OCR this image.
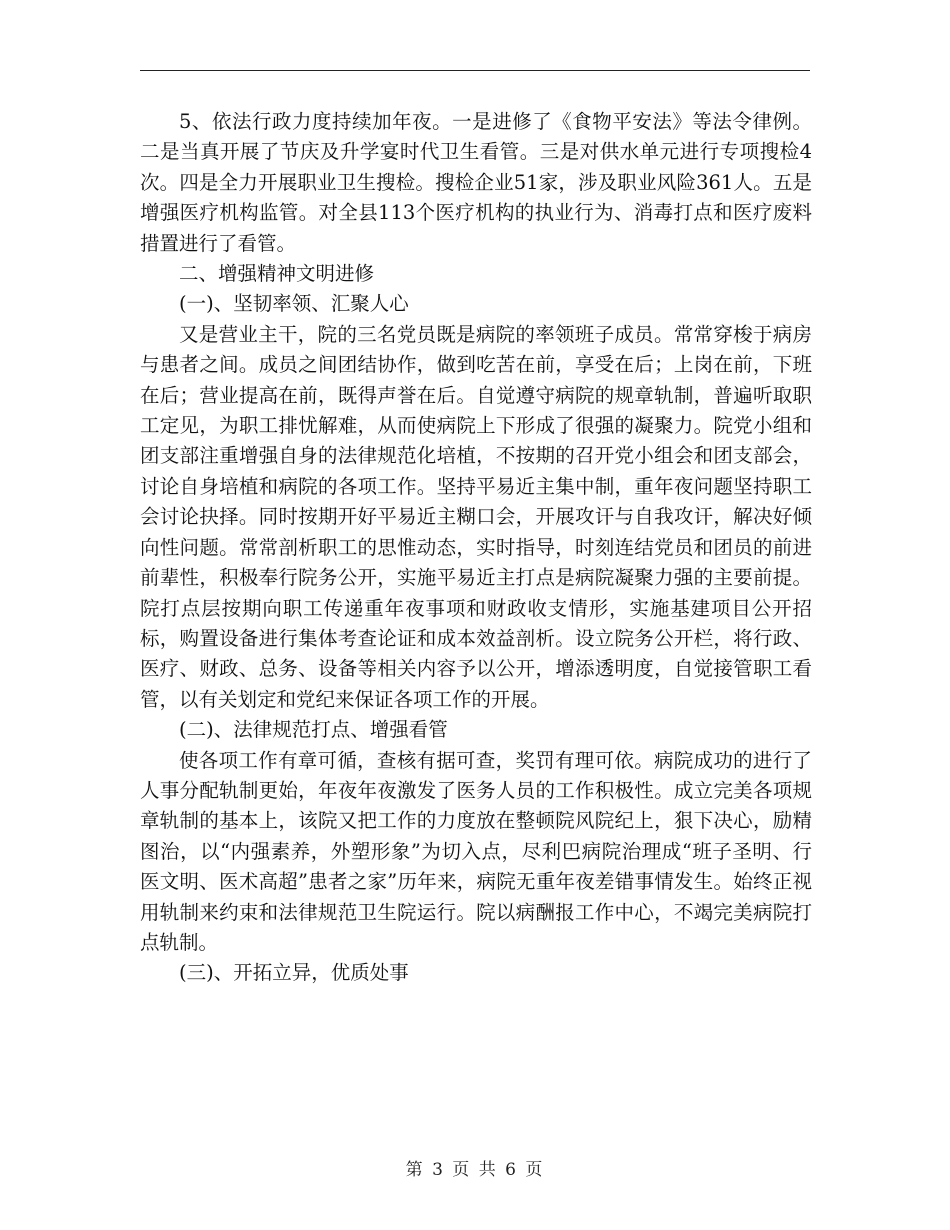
5、依法行政力度持续加年夜。一是进修了《食物平安法》等法令律例。二是当真开展了节庆及升学宴时代卫生看管。三是对供水单元进行专项搜检4次。四是全力开展职业卫生搜检。搜检企业51家，涉及职业风险361人。五是增强医疗机构监管。对全县113个医疗机构的执业行为、消毒打点和医疗废料措置进行了看管。

二、增强精神文明进修

(一)、坚韧率领、汇聚人心

又是营业主干，院的三名党员既是病院的率领班子成员。常常穿梭于病房与患者之间。成员之间团结协作，做到吃苦在前，享受在后；上岗在前，下班在后；营业提高在前，既得声誉在后。自觉遵守病院的规章轨制，普遍听取职工定见，为职工排忧解难，从而使病院上下形成了很强的凝聚力。院党小组和团支部注重增强自身的法律规范化培植，不按期的召开党小组会和团支部会，讨论自身培植和病院的各项工作。坚持平易近主集中制，重年夜问题坚持职工会讨论抉择。同时按期开好平易近主糊口会，开展攻讦与自我攻讦，解决好倾向性问题。常常剖析职工的思惟动态，实时指导，时刻连结党员和团员的前进前辈性，积极奉行院务公开，实施平易近主打点是病院凝聚力强的主要前提。院打点层按期向职工传递重年夜事项和财政收支情形，实施基建项目公开招标，购置设备进行集体考查论证和成本效益剖析。设立院务公开栏，将行政、医疗、财政、总务、设备等相关内容予以公开，增添透明度，自觉接管职工看管，以有关划定和党纪来保证各项工作的开展。

(二)、法律规范打点、增强看管

使各项工作有章可循，查核有据可查，奖罚有理可依。病院成功的进行了人事分配轨制更始，年夜年夜激发了医务人员的工作积极性。成立完美各项规章轨制的基本上，该院又把工作的力度放在整顿院风院纪上，狠下决心，励精图治，以“内强素养，外塑形象”为切入点，尽利巴病院治理成“班子圣明、行医文明、医术高超”患者之家”历年来，病院无重年夜差错事情发生。始终正视用轨制来约束和法律规范卫生院运行。院以病酬报工作中心，不竭完美病院打点轨制。

(三)、开拓立异，优质处事

第 3 页 共 6 页
